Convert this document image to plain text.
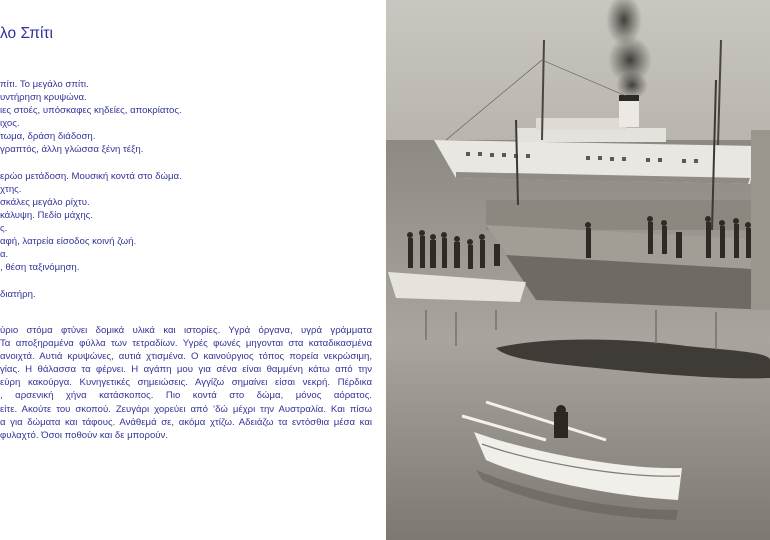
λο Σπίτι
πίτι. Το μεγάλο σπίτι.
υντήρηση κρυψώνα.
ιες στοές, υπόσκαφες κηδείες, αποκρίατος.
ιχος.
τωμα, δράση διάδοση.
γραπτός, άλλη γλώσσα ξένη τέξη.
ερώο μετάδοση. Μουσική κοντά στο δώμα.
χτης.
σκάλες μεγάλο ρίχτυ.
κάλυψη. Πεδίο μάχης.
ς.
αφή, λατρεία είσοδος κοινή ζωή.
α.
, θέση ταξινόμηση.
διατήρη.
ύριο στόμα φτύνει δομικά υλικά και ιστορίες. Υγρά όργανα, υγρά γράμματα
Τα αποξηραμένα φύλλα των τετραδίων. Υγρές φωνές μηγονται στα καταδικασμένα
ανοιχτά. Αυτιά κρυψώνες, αυτιά χτισμένα. Ο καινούργιος τόπος πορεία νεκρώσιμη,
γίας. Η θάλασσα τα φέρνει. Η αγάπη μου για σένα είναι θαμμένη κάτω από την
εύρη κακούργα. Κυνηγετικές σημειώσεις. Αγγίζω σημαίνει είσαι νεκρή. Πέρδικα
, αρσενική χήνα κατάσκοπος. Πιο κοντά στο δώμα, μόνος αόρατος.
είτε. Ακούτε του σκοπού. Ζευγάρι χορεύει από ’δώ μέχρι την Αυστραλία. Και πίσω
α για δώματα και τάφους. Ανάθεμά σε, ακόμα χτίζω. Αδειάζω τα εντόσθια μέσα και
φυλαχτό. Όσοι ποθούν και δε μπορούν.
